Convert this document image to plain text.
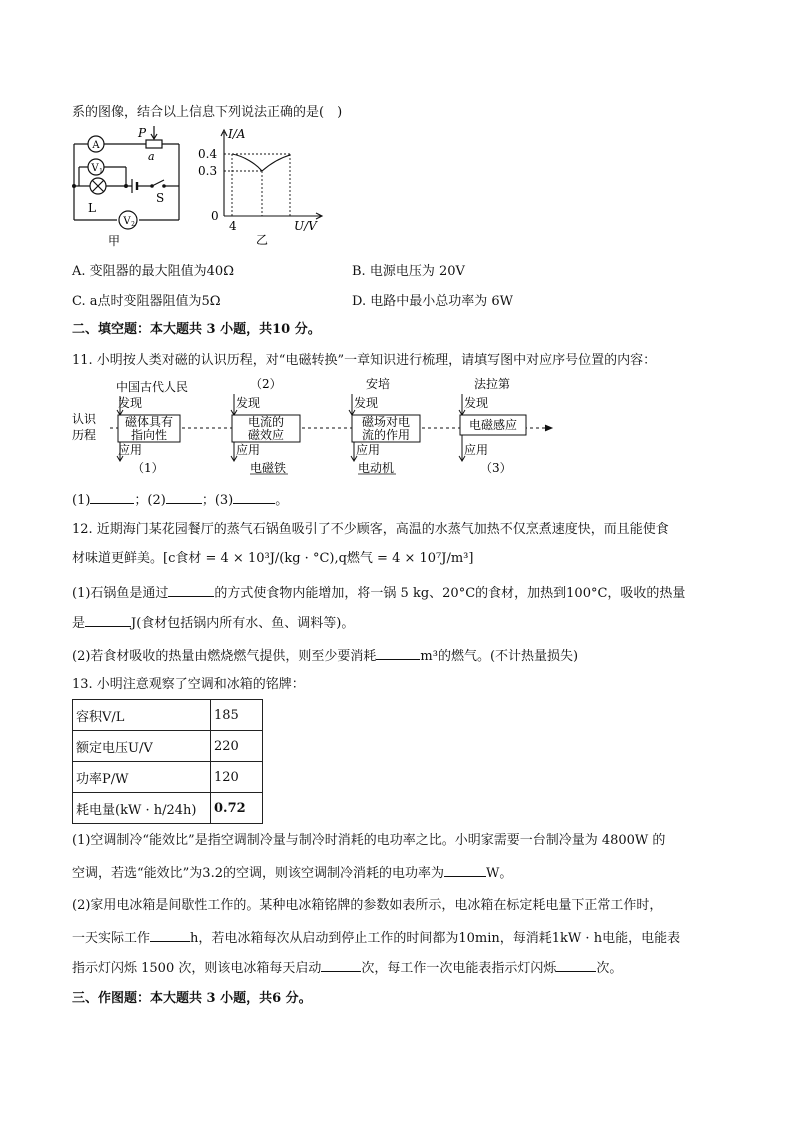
系的图像，结合以上信息下列说法正确的是(　)
A
V 1
V 2
P
a
L
S
甲
I/A
0.4
0.3
0
4	U/V
乙
A. 变阻器的最大阻值为40Ω	B. 电源电压为 20V
C. a点时变阻器阻值为5Ω	D. 电路中最小总功率为 6W
二、填空题：本大题共 3 小题，共10 分。
11. 小明按人类对磁的认识历程，对“电磁转换”一章知识进行梳理，请填写图中对应序号位置的内容：
认识
历程
中国古代人民
发现
磁体具有
指向性
应用
（1）
（2）
发现
电流的
磁效应
应用
电磁铁
安培
发现
磁场对电
流的作用
应用
电动机
法拉第
发现
电磁感应
应用
（3）
(1)	；(2)	；(3)	。
12. 近期海门某花园餐厅的蒸气石锅鱼吸引了不少顾客，高温的水蒸气加热不仅烹煮速度快，而且能使食
材味道更鲜美。[c食材 = 4 × 10³J/(kg · °C),q燃气 = 4 × 10⁷J/m³]
(1)石锅鱼是通过	的方式使食物内能增加，将一锅 5 kg、20°C的食材，加热到100°C，吸收的热量
是	J(食材包括锅内所有水、鱼、调料等)。
(2)若食材吸收的热量由燃烧燃气提供，则至少要消耗	m³的燃气。(不计热量损失)
13. 小明注意观察了空调和冰箱的铭牌：
容积V/L	185
额定电压U/V	220
功率P/W	120
耗电量(kW · h/24h)	0.72
(1)空调制冷“能效比”是指空调制冷量与制冷时消耗的电功率之比。小明家需要一台制冷量为 4800W 的
空调，若选“能效比”为3.2的空调，则该空调制冷消耗的电功率为	W。
(2)家用电冰箱是间歇性工作的。某种电冰箱铭牌的参数如表所示，电冰箱在标定耗电量下正常工作时，
一天实际工作	h，若电冰箱每次从启动到停止工作的时间都为10min，每消耗1kW · h电能，电能表
指示灯闪烁 1500 次，则该电冰箱每天启动	次，每工作一次电能表指示灯闪烁	次。
三、作图题：本大题共 3 小题，共6 分。
